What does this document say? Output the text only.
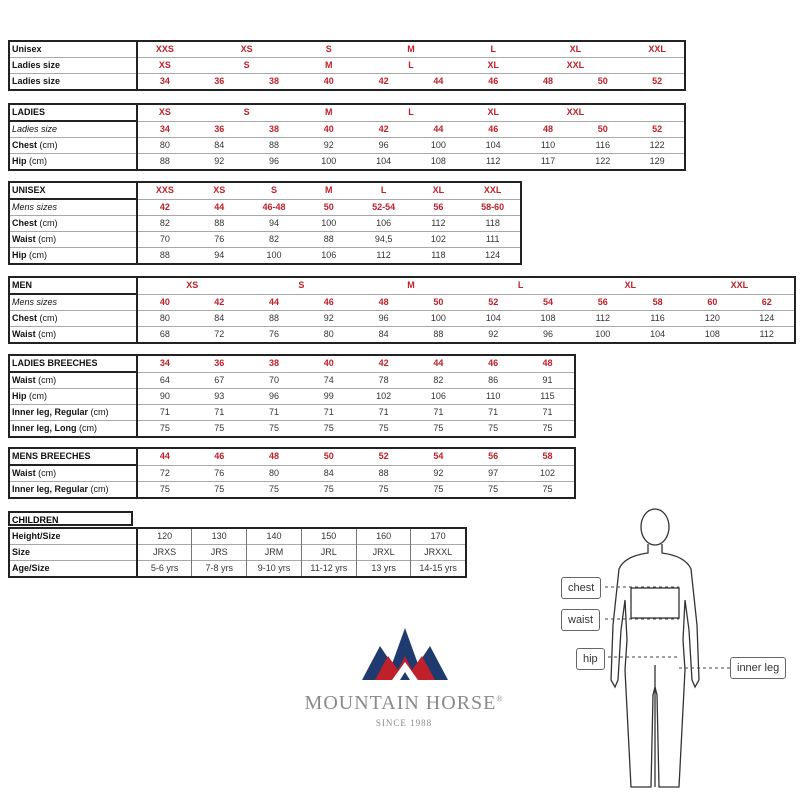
Unisex	XXS	XS		S	M		L	XL		XXL
Ladies size	XS	S		M	L		XL	XXL		
Ladies size	34	36	38	40	42	44	46	48	50	52
LADIES	XS	S		M	L		XL	XXL		
Ladies size	34	36	38	40	42	44	46	48	50	52
Chest (cm)	80	84	88	92	96	100	104	110	116	122
Hip (cm)	88	92	96	100	104	108	112	117	122	129
UNISEX	XXS	XS	S	M	L	XL	XXL
Mens sizes	42	44	46-48	50	52-54	56	58-60
Chest (cm)	82	88	94	100	106	112	118
Waist (cm)	70	76	82	88	94,5	102	111
Hip (cm)	88	94	100	106	112	118	124
MEN	XS		S		M		L		XL		XXL	
Mens sizes	40	42	44	46	48	50	52	54	56	58	60	62
Chest (cm)	80	84	88	92	96	100	104	108	112	116	120	124
Waist (cm)	68	72	76	80	84	88	92	96	100	104	108	112
LADIES BREECHES	34	36	38	40	42	44	46	48
Waist (cm)	64	67	70	74	78	82	86	91
Hip (cm)	90	93	96	99	102	106	110	115
Inner leg, Regular (cm)	71	71	71	71	71	71	71	71
Inner leg, Long (cm)	75	75	75	75	75	75	75	75
MENS BREECHES	44	46	48	50	52	54	56	58
Waist (cm)	72	76	80	84	88	92	97	102
Inner leg, Regular (cm)	75	75	75	75	75	75	75	75
CHILDREN
Height/Size	120	130	140	150	160	170
Size	JRXS	JRS	JRM	JRL	JRXL	JRXXL
Age/Size	5-6 yrs	7-8 yrs	9-10 yrs	11-12 yrs	13 yrs	14-15 yrs
MOUNTAIN HORSE®
SINCE 1988
chest
waist
hip
inner leg
